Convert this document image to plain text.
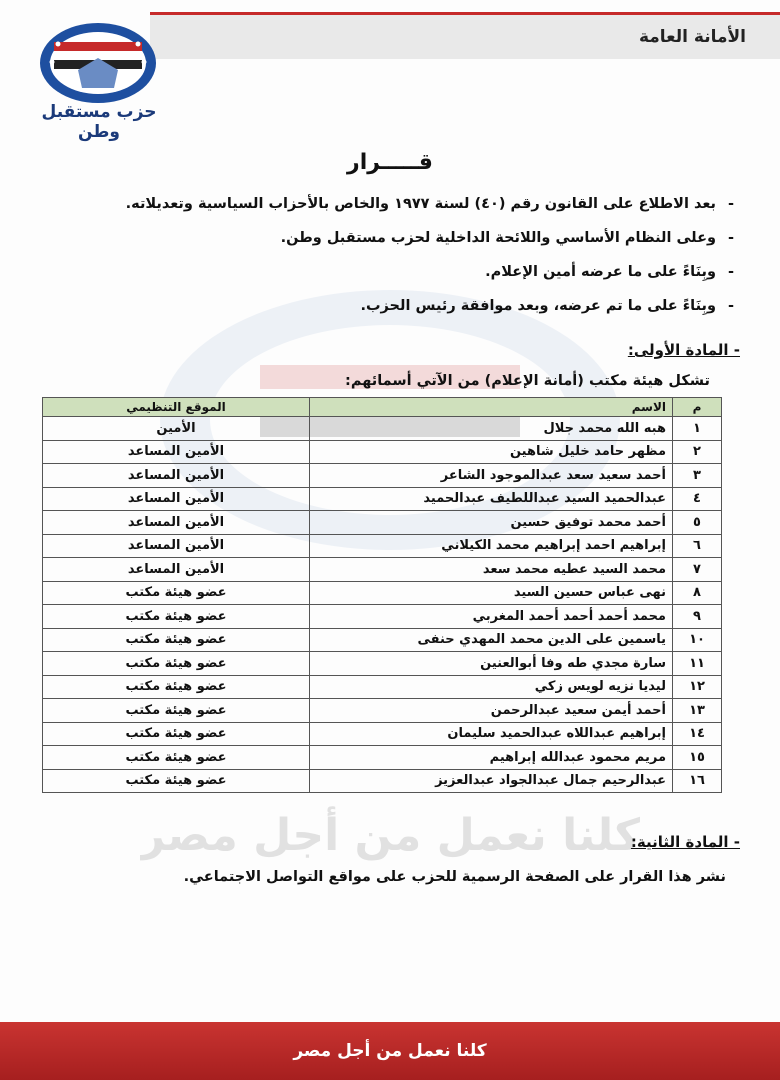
كلنا نعمل من أجل مصر
الأمانة العامة
حزب مستقبل وطن
قـــــرار
- بعد الاطلاع على القانون رقم (٤٠) لسنة ١٩٧٧ والخاص بالأحزاب السياسية وتعديلاته.
- وعلى النظام الأساسي واللائحة الداخلية لحزب مستقبل وطن.
- وبِنَاءً على ما عرضه أمين الإعلام.
- وبِنَاءً على ما تم عرضه، وبعد موافقة رئيس الحزب.
- المادة الأولى:
تشكل هيئة مكتب (أمانة الإعلام) من الآتي أسمائهم:
م	الاسم	الموقع التنظيمي
١	هبه الله محمد جلال	الأمين
٢	مظهر حامد خليل شاهين	الأمين المساعد
٣	أحمد سعيد سعد عبدالموجود الشاعر	الأمين المساعد
٤	عبدالحميد السيد عبداللطيف عبدالحميد	الأمين المساعد
٥	أحمد محمد توفيق حسين	الأمين المساعد
٦	إبراهيم احمد إبراهيم محمد الكيلاني	الأمين المساعد
٧	محمد السيد عطيه محمد سعد	الأمين المساعد
٨	نهى عباس حسين السيد	عضو هيئة مكتب
٩	محمد أحمد أحمد أحمد المغربي	عضو هيئة مكتب
١٠	ياسمين على الدين محمد المهدي حنفى	عضو هيئة مكتب
١١	سارة مجدي طه وفا أبوالعنين	عضو هيئة مكتب
١٢	ليديا نزيه لويس زكي	عضو هيئة مكتب
١٣	أحمد أيمن سعيد عبدالرحمن	عضو هيئة مكتب
١٤	إبراهيم عبداللاه عبدالحميد سليمان	عضو هيئة مكتب
١٥	مريم محمود عبدالله إبراهيم	عضو هيئة مكتب
١٦	عبدالرحيم جمال عبدالجواد عبدالعزيز	عضو هيئة مكتب
- المادة الثانية:
نشر هذا القرار على الصفحة الرسمية للحزب على مواقع التواصل الاجتماعي.
كلنا نعمل من أجل مصر
